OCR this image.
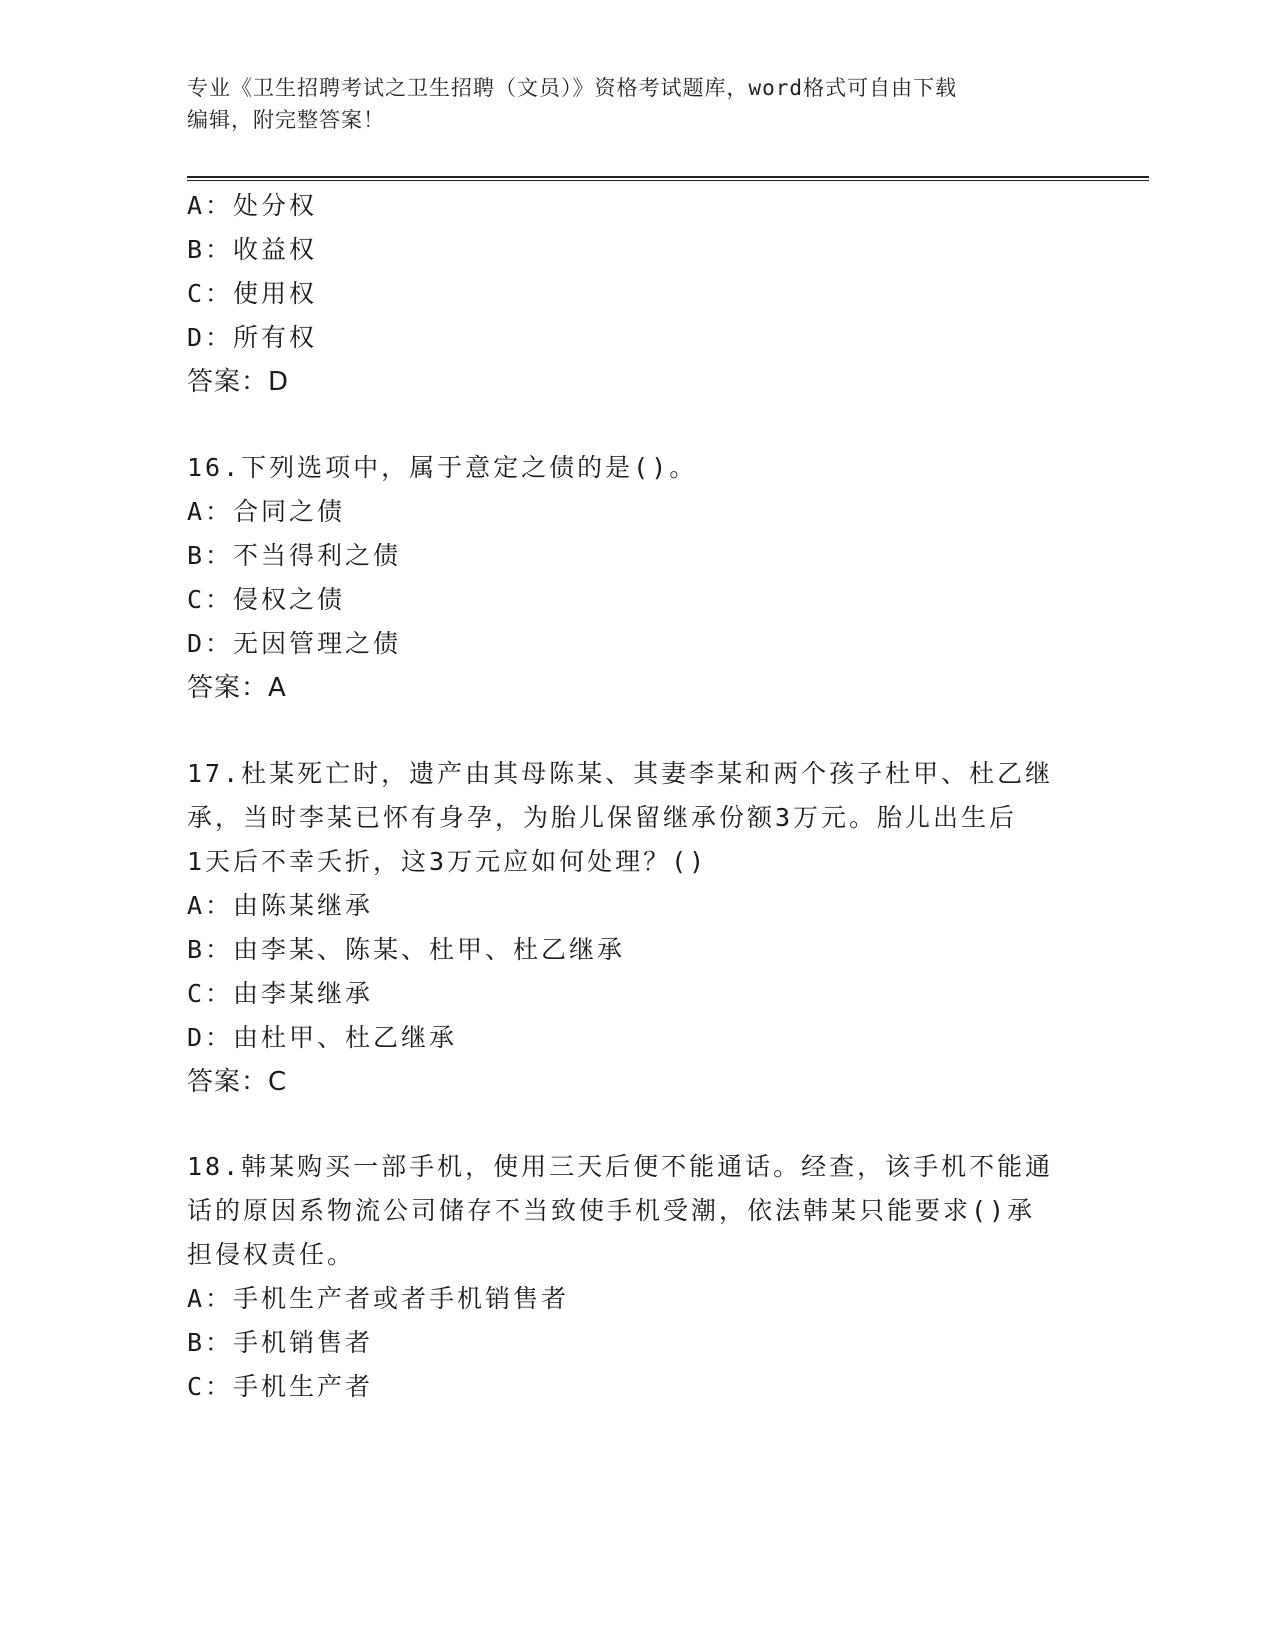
专业《卫生招聘考试之卫生招聘（文员）》资格考试题库，word格式可自由下载
编辑，附完整答案！
A：处分权
B：收益权
C：使用权
D：所有权
答案：D
16.下列选项中，属于意定之债的是()。
A：合同之债
B：不当得利之债
C：侵权之债
D：无因管理之债
答案：A
17.杜某死亡时，遗产由其母陈某、其妻李某和两个孩子杜甲、杜乙继
承，当时李某已怀有身孕，为胎儿保留继承份额3万元。胎儿出生后
1天后不幸夭折，这3万元应如何处理？()
A：由陈某继承
B：由李某、陈某、杜甲、杜乙继承
C：由李某继承
D：由杜甲、杜乙继承
答案：C
18.韩某购买一部手机，使用三天后便不能通话。经查，该手机不能通
话的原因系物流公司储存不当致使手机受潮，依法韩某只能要求()承
担侵权责任。
A：手机生产者或者手机销售者
B：手机销售者
C：手机生产者
